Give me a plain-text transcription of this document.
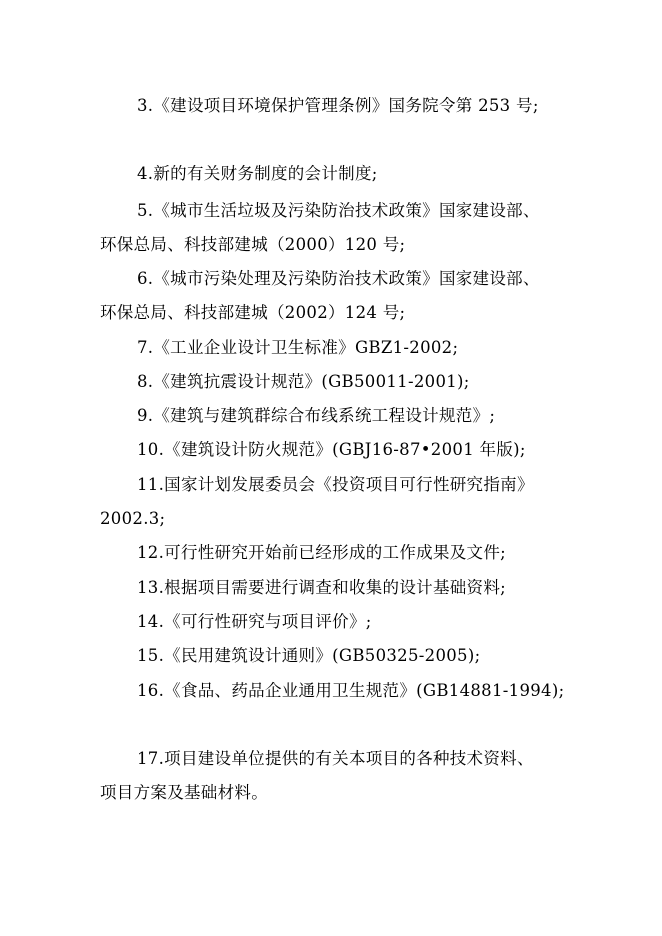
3.《建设项目环境保护管理条例》国务院令第 253 号;
4.新的有关财务制度的会计制度;
5.《城市生活垃圾及污染防治技术政策》国家建设部、
环保总局、科技部建城（2000）120 号;
6.《城市污染处理及污染防治技术政策》国家建设部、
环保总局、科技部建城（2002）124 号;
7.《工业企业设计卫生标准》GBZ1-2002;
8.《建筑抗震设计规范》(GB50011-2001);
9.《建筑与建筑群综合布线系统工程设计规范》;
10.《建筑设计防火规范》(GBJ16-87•2001 年版);
11.国家计划发展委员会《投资项目可行性研究指南》
2002.3;
12.可行性研究开始前已经形成的工作成果及文件;
13.根据项目需要进行调查和收集的设计基础资料;
14.《可行性研究与项目评价》;
15.《民用建筑设计通则》(GB50325-2005);
16.《食品、药品企业通用卫生规范》(GB14881-1994);
17.项目建设单位提供的有关本项目的各种技术资料、
项目方案及基础材料。
